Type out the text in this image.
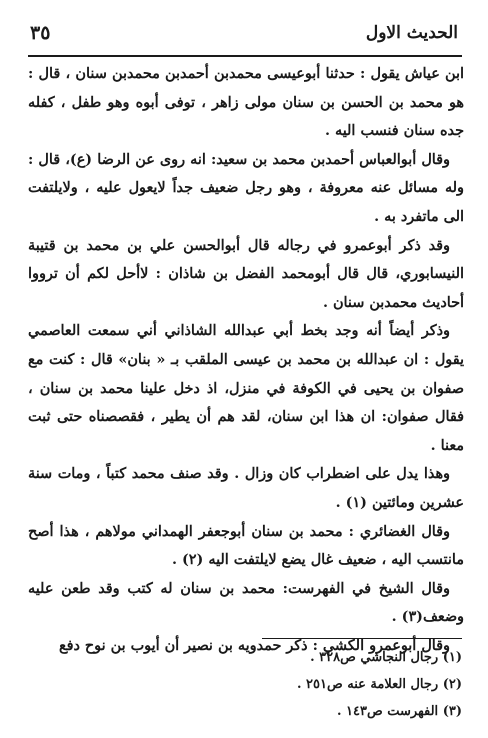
الحديث الاول
٣٥

ابن عياش يقول : حدثنا أبوعيسى محمدبن أحمدبن محمدبن سنان ، قال : هو محمد بن الحسن بن سنان مولى زاهر ، توفى أبوه وهو طفل ، كفله جده سنان فنسب اليه .

وقال أبوالعباس أحمدبن محمد بن سعيد: انه روى عن الرضا (ع)، قال : وله مسائل عنه معروفة ، وهو رجل ضعيف جداً لايعول عليه ، ولايلتفت الى ماتفرد به .

وقد ذكر أبوعمرو في رجاله قال أبوالحسن علي بن محمد بن قتيبة النيسابوري، قال قال أبومحمد الفضل بن شاذان : لاأحل لكم أن ترووا أحاديث محمدبن سنان .

وذكر أيضاً أنه وجد بخط أبي عبدالله الشاذاني أني سمعت العاصمي يقول : ان عبدالله بن محمد بن عيسى الملقب بـ « بنان» قال : كنت مع صفوان بن يحيى في الكوفة في منزل، اذ دخل علينا محمد بن سنان ، فقال صفوان: ان هذا ابن سنان، لقد هم أن يطير ، فقصصناه حتى ثبت معنا .

وهذا يدل على اضطراب كان وزال . وقد صنف محمد كتباً ، ومات سنة عشرين ومائتين (١) .

وقال الغضائري : محمد بن سنان أبوجعفر الهمداني مولاهم ، هذا أصح مانتسب اليه ، ضعيف غال يضع لايلتفت اليه (٢) .

وقال الشيخ في الفهرست: محمد بن سنان له كتب وقد طعن عليه وضعف(٣) .

وقال أبوعمرو الكشي : ذكر حمدويه بن نصير أن أيوب بن نوح دفع

(١) رجال النجاشي ص٣٢٨ .
(٢) رجال العلامة عنه ص٢٥١ .
(٣) الفهرست ص١٤٣ .
